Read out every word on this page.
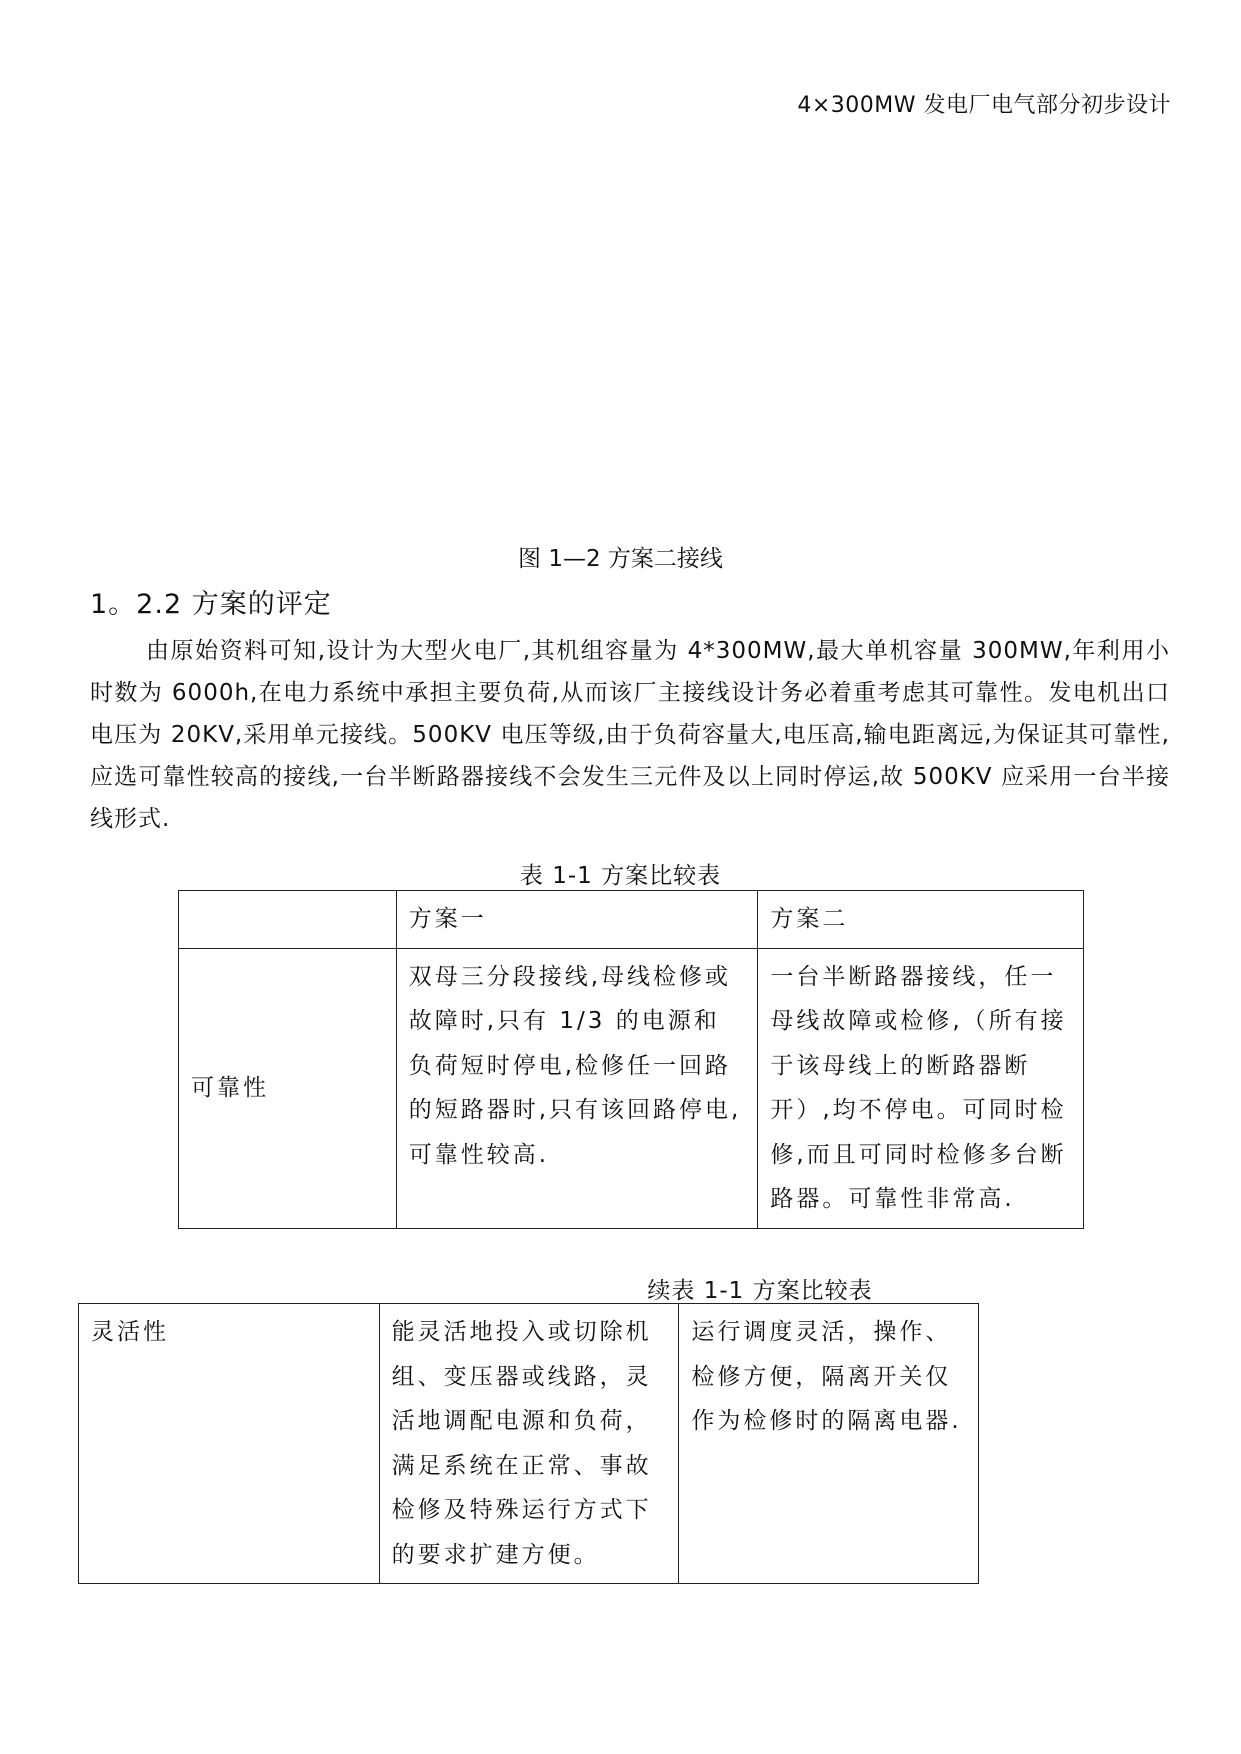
4×300MW 发电厂电气部分初步设计
图 1—2 方案二接线
1。2.2 方案的评定
由原始资料可知,设计为大型火电厂,其机组容量为 4*300MW,最大单机容量 300MW,年利用小时数为 6000h,在电力系统中承担主要负荷,从而该厂主接线设计务必着重考虑其可靠性。发电机出口电压为 20KV,采用单元接线。500KV 电压等级,由于负荷容量大,电压高,输电距离远,为保证其可靠性,应选可靠性较高的接线,一台半断路器接线不会发生三元件及以上同时停运,故 500KV 应采用一台半接线形式.
表 1-1 方案比较表
	方案一	方案二
可靠性	双母三分段接线,母线检修或故障时,只有 1/3 的电源和负荷短时停电,检修任一回路的短路器时,只有该回路停电,可靠性较高.	一台半断路器接线，任一母线故障或检修,（所有接于该母线上的断路器断开）,均不停电。可同时检修,而且可同时检修多台断路器。可靠性非常高.
续表 1-1 方案比较表
灵活性	能灵活地投入或切除机组、变压器或线路，灵活地调配电源和负荷，满足系统在正常、事故检修及特殊运行方式下的要求扩建方便。	运行调度灵活，操作、检修方便，隔离开关仅作为检修时的隔离电器.
